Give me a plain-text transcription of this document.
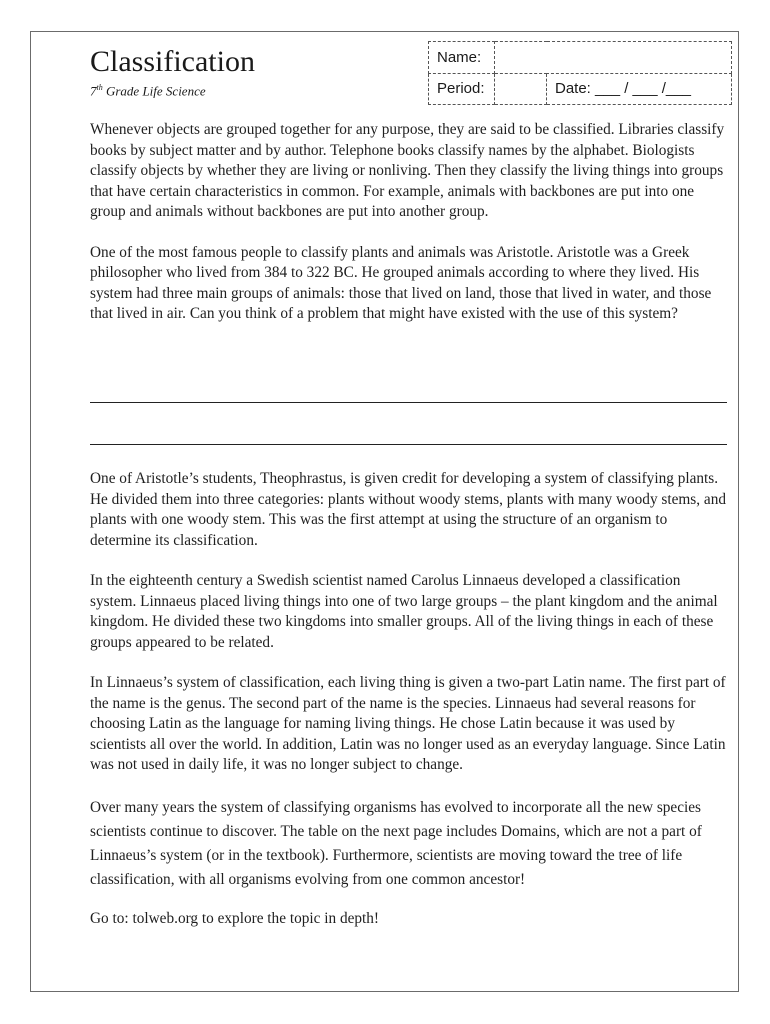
Classification
7th Grade Life Science
Name:		
Period:		Date: ___ / ___ /___

Whenever objects are grouped together for any purpose, they are said to be classified. Libraries classify books by subject matter and by author. Telephone books classify names by the alphabet. Biologists classify objects by whether they are living or nonliving. Then they classify the living things into groups that have certain characteristics in common. For example, animals with backbones are put into one group and animals without backbones are put into another group.

One of the most famous people to classify plants and animals was Aristotle. Aristotle was a Greek philosopher who lived from 384 to 322 BC. He grouped animals according to where they lived. His system had three main groups of animals: those that lived on land, those that lived in water, and those that lived in air. Can you think of a problem that might have existed with the use of this system?

One of Aristotle’s students, Theophrastus, is given credit for developing a system of classifying plants. He divided them into three categories: plants without woody stems, plants with many woody stems, and plants with one woody stem. This was the first attempt at using the structure of an organism to determine its classification.

In the eighteenth century a Swedish scientist named Carolus Linnaeus developed a classification system. Linnaeus placed living things into one of two large groups – the plant kingdom and the animal kingdom. He divided these two kingdoms into smaller groups. All of the living things in each of these groups appeared to be related.

In Linnaeus’s system of classification, each living thing is given a two-part Latin name. The first part of the name is the genus. The second part of the name is the species. Linnaeus had several reasons for choosing Latin as the language for naming living things. He chose Latin because it was used by scientists all over the world. In addition, Latin was no longer used as an everyday language. Since Latin was not used in daily life, it was no longer subject to change.

Over many years the system of classifying organisms has evolved to incorporate all the new species scientists continue to discover. The table on the next page includes Domains, which are not a part of Linnaeus’s system (or in the textbook). Furthermore, scientists are moving toward the tree of life classification, with all organisms evolving from one common ancestor!

Go to: tolweb.org to explore the topic in depth!
